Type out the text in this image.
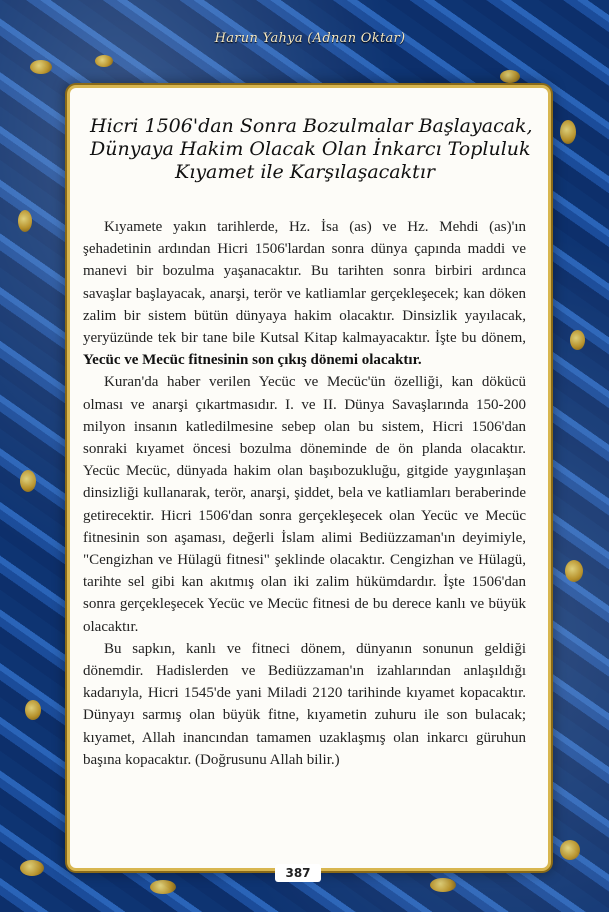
Harun Yahya (Adnan Oktar)
Hicri 1506'dan Sonra Bozulmalar Başlayacak,
Dünyaya Hakim Olacak Olan İnkarcı Topluluk
Kıyamet ile Karşılaşacaktır

Kıyamete yakın tarihlerde, Hz. İsa (as) ve Hz. Mehdi (as)'ın şehadetinin ardından Hicri 1506'lardan sonra dünya çapında maddi ve manevi bir bozulma yaşanacaktır. Bu tarihten sonra birbiri ardınca savaşlar başlayacak, anarşi, terör ve katliamlar gerçekleşecek; kan döken zalim bir sistem bütün dünyaya hakim olacaktır. Dinsizlik yayılacak, yeryüzünde tek bir tane bile Kutsal Kitap kalmayacaktır. İşte bu dönem, Yecüc ve Mecüc fitnesinin son çıkış dönemi olacaktır.

Kuran'da haber verilen Yecüc ve Mecüc'ün özelliği, kan dökücü olması ve anarşi çıkartmasıdır. I. ve II. Dünya Savaşlarında 150-200 milyon insanın katledilmesine sebep olan bu sistem, Hicri 1506'dan sonraki kıyamet öncesi bozulma döneminde de ön planda olacaktır. Yecüc Mecüc, dünyada hakim olan başıbozukluğu, gitgide yaygınlaşan dinsizliği kullanarak, terör, anarşi, şiddet, bela ve katliamları beraberinde getirecektir. Hicri 1506'dan sonra gerçekleşecek olan Yecüc ve Mecüc fitnesinin son aşaması, değerli İslam alimi Bediüzzaman'ın deyimiyle, "Cengizhan ve Hülagü fitnesi" şeklinde olacaktır. Cengizhan ve Hülagü, tarihte sel gibi kan akıtmış olan iki zalim hükümdardır. İşte 1506'dan sonra gerçekleşecek Yecüc ve Mecüc fitnesi de bu derece kanlı ve büyük olacaktır.

Bu sapkın, kanlı ve fitneci dönem, dünyanın sonunun geldiği dönemdir. Hadislerden ve Bediüzzaman'ın izahlarından anlaşıldığı kadarıyla, Hicri 1545'de yani Miladi 2120 tarihinde kıyamet kopacaktır. Dünyayı sarmış olan büyük fitne, kıyametin zuhuru ile son bulacak; kıyamet, Allah inancından tamamen uzaklaşmış olan inkarcı güruhun başına kopacaktır. (Doğrusunu Allah bilir.)

387
